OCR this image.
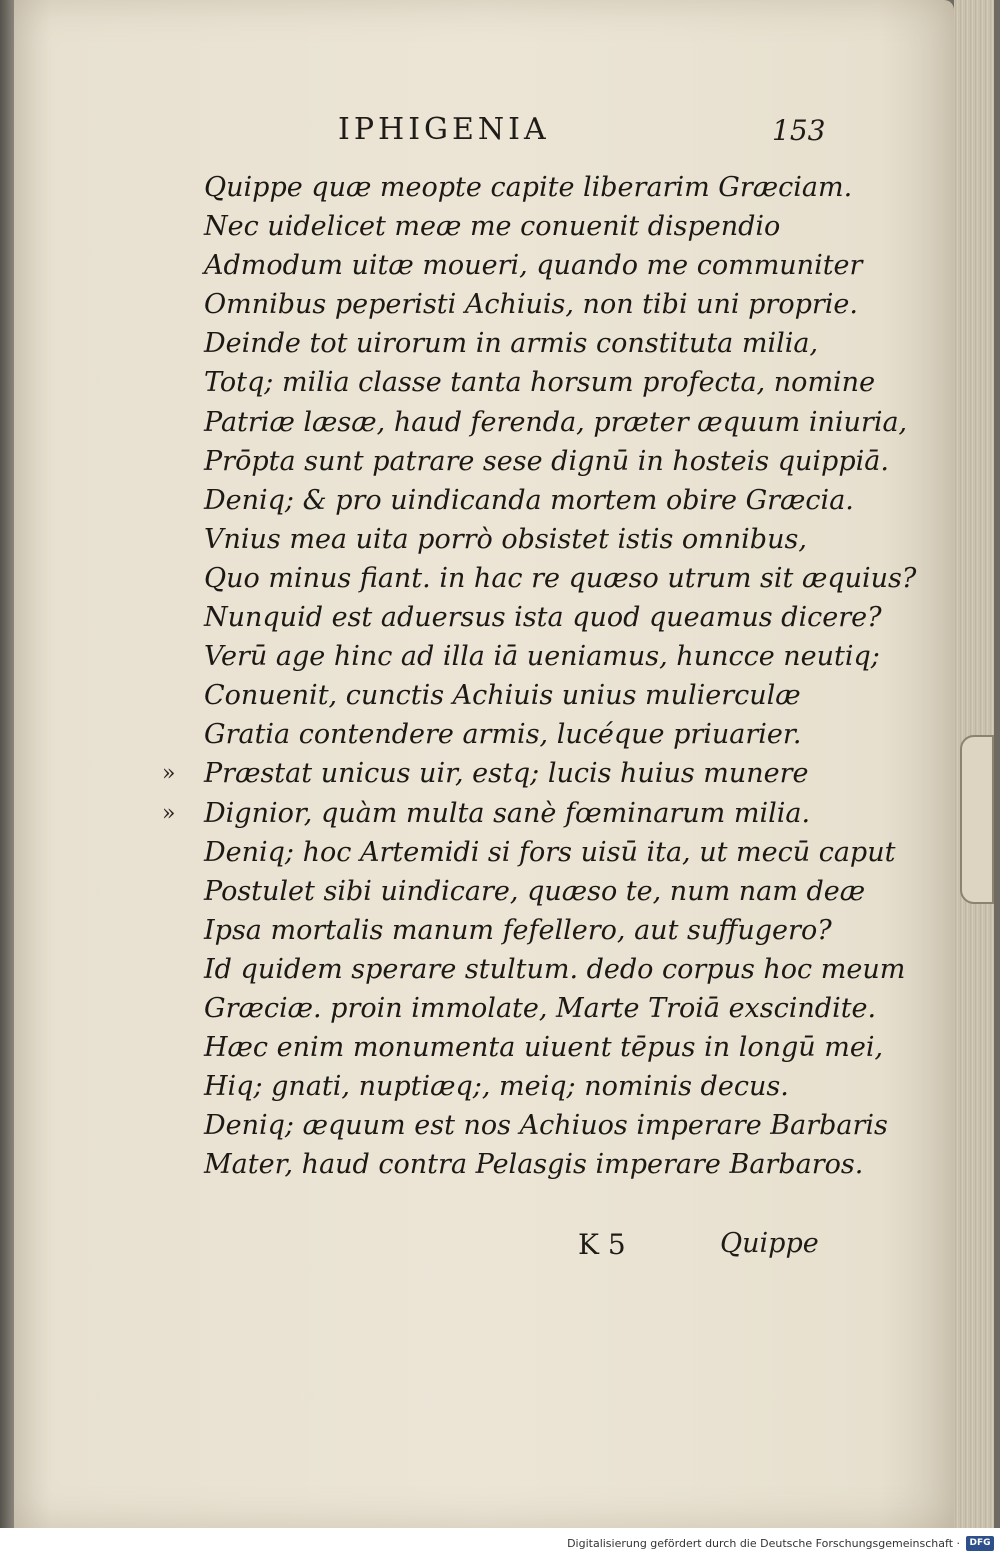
IPHIGENIA	153
Quippe quæ meopte capite liberarim Græciam.
Nec uidelicet meæ me conuenit dispendio
Admodum uitæ moueri, quando me communiter
Omnibus peperisti Achiuis, non tibi uni proprie.
Deinde tot uirorum in armis constituta milia,
Totq; milia classe tanta horsum profecta, nomine
Patriæ læsæ, haud ferenda, præter æquum iniuria,
Prōpta sunt patrare sese dignū in hosteis quippiā.
Deniq; & pro uindicanda mortem obire Græcia.
Vnius mea uita porrò obsistet istis omnibus,
Quo minus fiant. in hac re quæso utrum sit æquius?
Nunquid est aduersus ista quod queamus dicere?
Verū age hinc ad illa iā ueniamus, huncce neutiq;
Conuenit, cunctis Achiuis unius mulierculæ
Gratia contendere armis, lucéque priuarier.
» Præstat unicus uir, estq; lucis huius munere
» Dignior, quàm multa sanè fœminarum milia.
Deniq; hoc Artemidi si fors uisū ita, ut mecū caput
Postulet sibi uindicare, quæso te, num nam deæ
Ipsa mortalis manum fefellero, aut suffugero?
Id quidem sperare stultum. dedo corpus hoc meum
Græciæ. proin immolate, Marte Troiā exscindite.
Hæc enim monumenta uiuent tēpus in longū mei,
Hiq; gnati, nuptiæq;, meiq; nominis decus.
Deniq; æquum est nos Achiuos imperare Barbaris
Mater, haud contra Pelasgis imperare Barbaros.
K 5	Quippe
Digitalisierung gefördert durch die Deutsche Forschungsgemeinschaft ·	DFG
